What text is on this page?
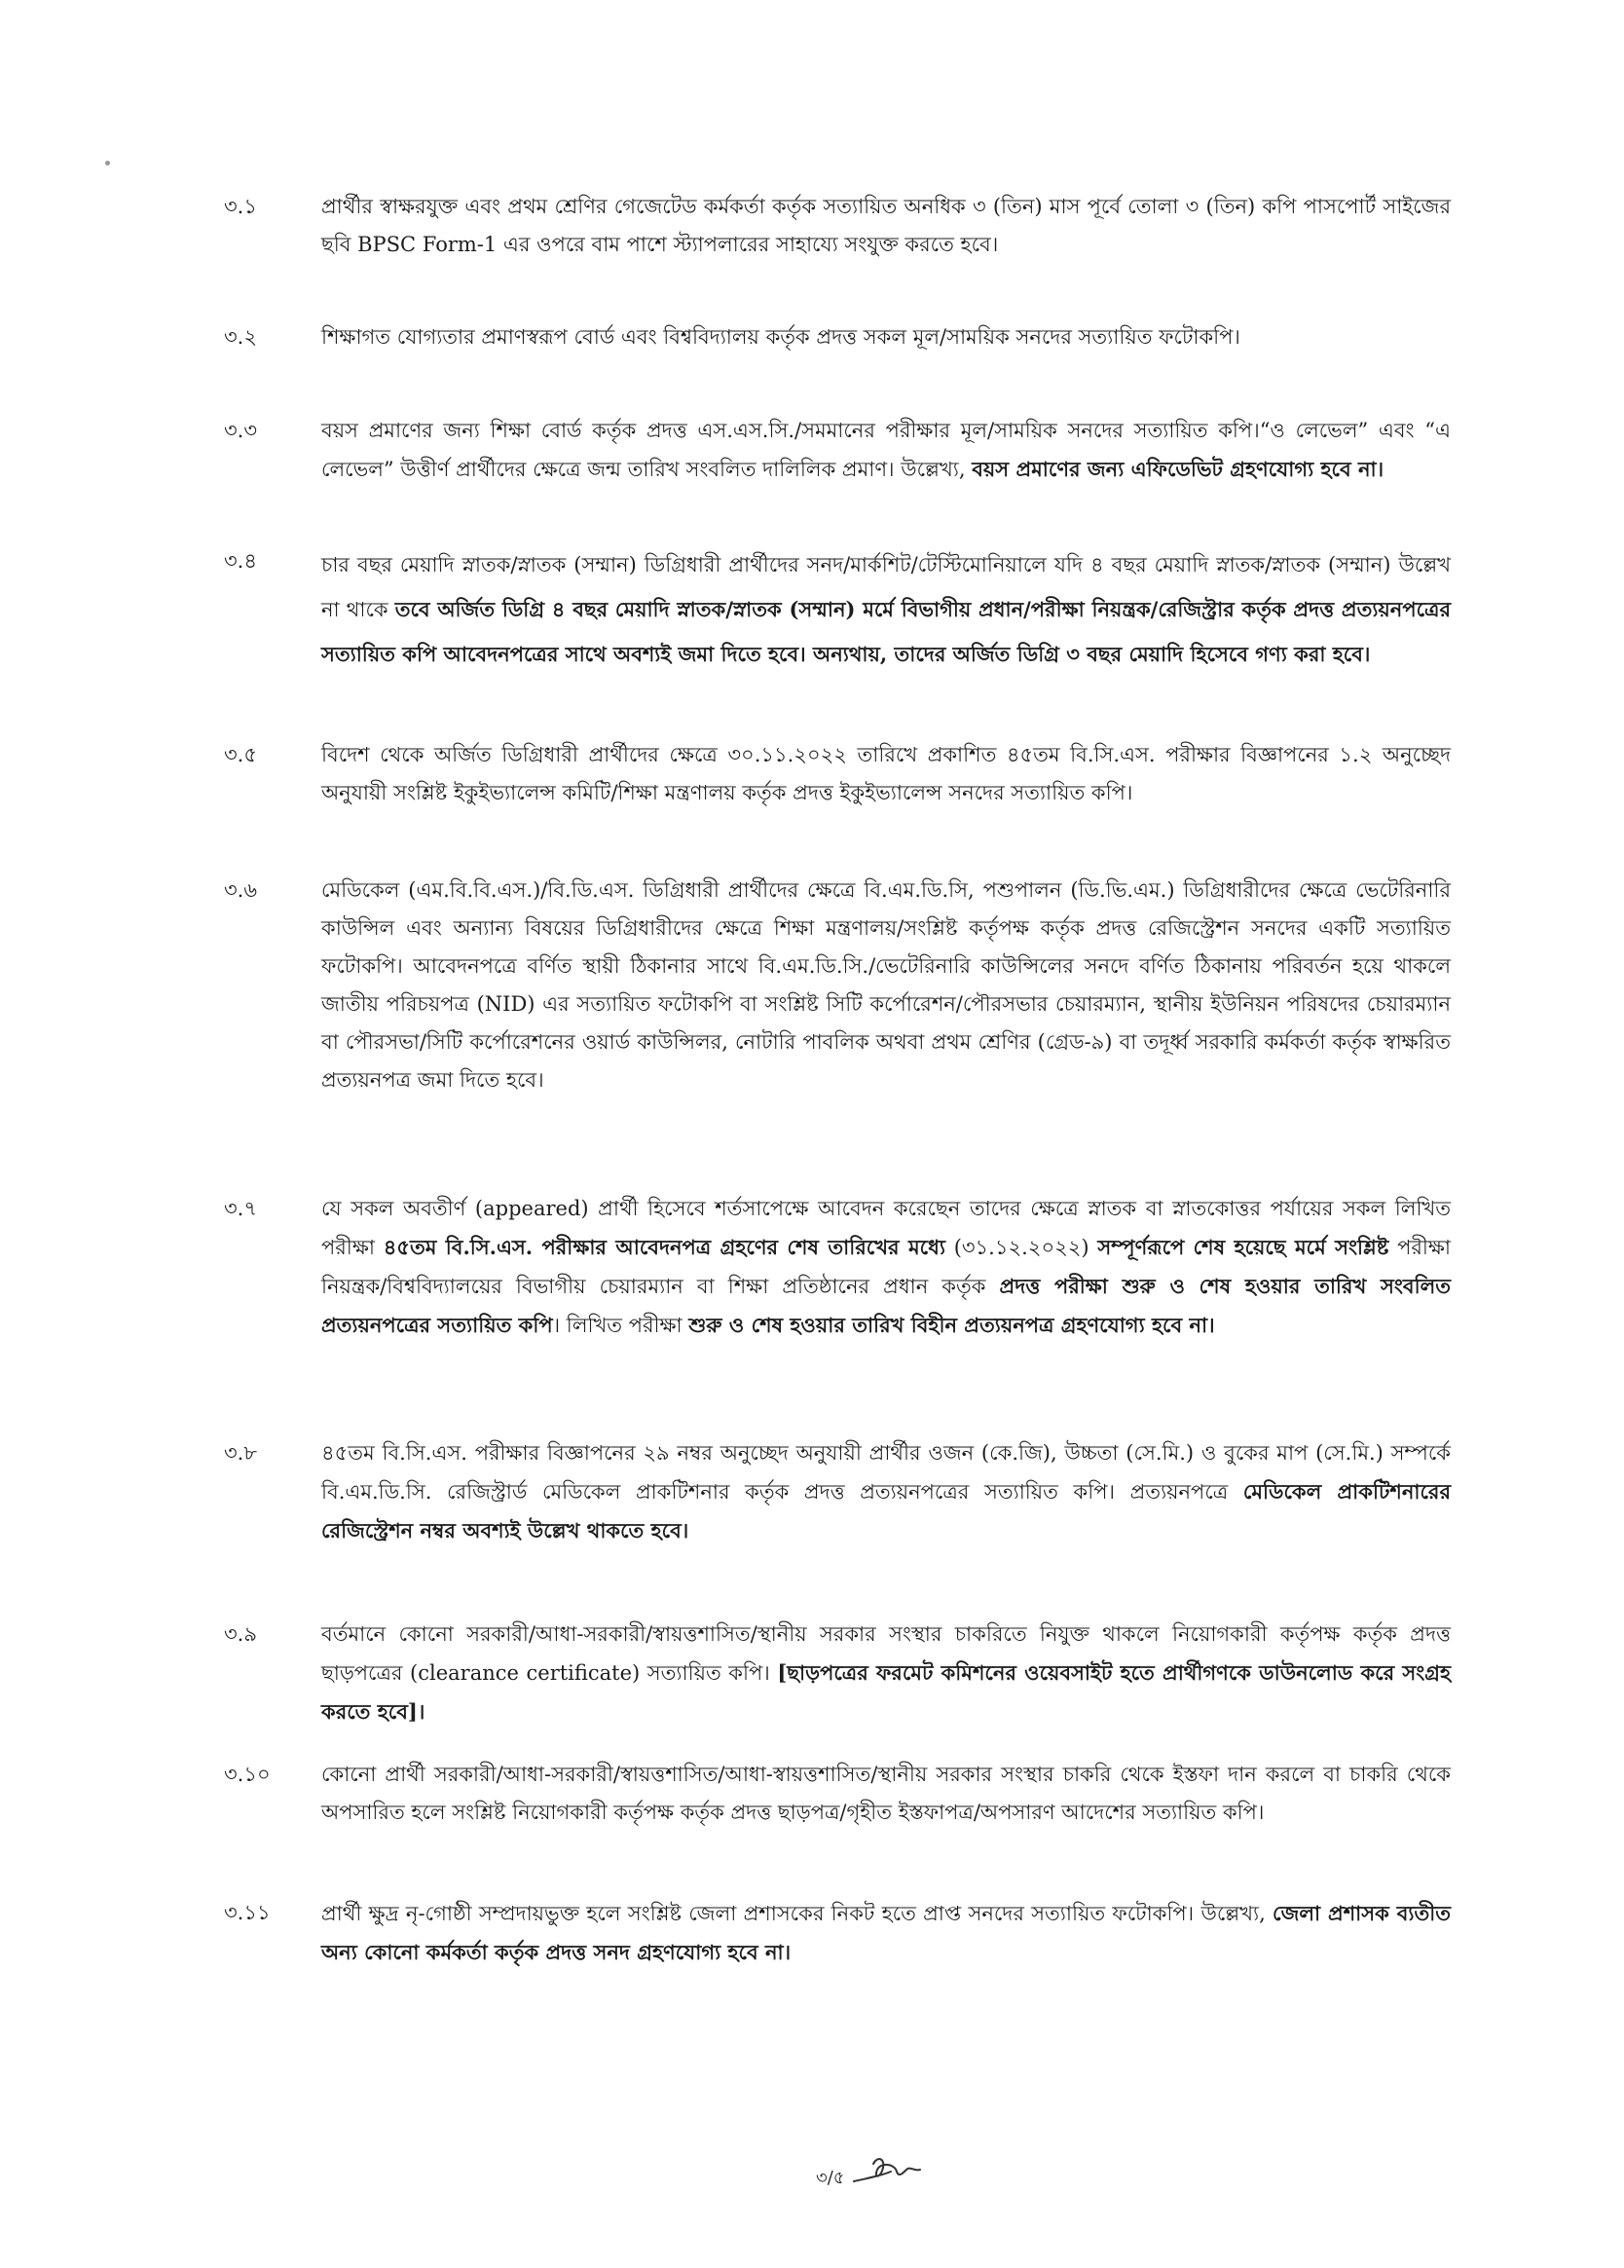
৩.১	প্রার্থীর স্বাক্ষরযুক্ত এবং প্রথম শ্রেণির গেজেটেড কর্মকর্তা কর্তৃক সত্যায়িত অনধিক ৩ (তিন) মাস পূর্বে তোলা ৩ (তিন) কপি পাসপোর্ট সাইজের ছবি BPSC Form-1 এর ওপরে বাম পাশে স্ট্যাপলারের সাহায্যে সংযুক্ত করতে হবে।

৩.২	শিক্ষাগত যোগ্যতার প্রমাণস্বরূপ বোর্ড এবং বিশ্ববিদ্যালয় কর্তৃক প্রদত্ত সকল মূল/সাময়িক সনদের সত্যায়িত ফটোকপি।

৩.৩	বয়স প্রমাণের জন্য শিক্ষা বোর্ড কর্তৃক প্রদত্ত এস.এস.সি./সমমানের পরীক্ষার মূল/সাময়িক সনদের সত্যায়িত কপি।“ও লেভেল” এবং “এ লেভেল” উত্তীর্ণ প্রার্থীদের ক্ষেত্রে জন্ম তারিখ সংবলিত দালিলিক প্রমাণ। উল্লেখ্য, বয়স প্রমাণের জন্য এফিডেভিট গ্রহণযোগ্য হবে না।

৩.৪	চার বছর মেয়াদি স্নাতক/স্নাতক (সম্মান) ডিগ্রিধারী প্রার্থীদের সনদ/মার্কশিট/টেস্টিমোনিয়ালে যদি ৪ বছর মেয়াদি স্নাতক/স্নাতক (সম্মান) উল্লেখ না থাকে তবে অর্জিত ডিগ্রি ৪ বছর মেয়াদি স্নাতক/স্নাতক (সম্মান) মর্মে বিভাগীয় প্রধান/পরীক্ষা নিয়ন্ত্রক/রেজিস্ট্রার কর্তৃক প্রদত্ত প্রত্যয়নপত্রের সত্যায়িত কপি আবেদনপত্রের সাথে অবশ্যই জমা দিতে হবে। অন্যথায়, তাদের অর্জিত ডিগ্রি ৩ বছর মেয়াদি হিসেবে গণ্য করা হবে।

৩.৫	বিদেশ থেকে অর্জিত ডিগ্রিধারী প্রার্থীদের ক্ষেত্রে ৩০.১১.২০২২ তারিখে প্রকাশিত ৪৫তম বি.সি.এস. পরীক্ষার বিজ্ঞাপনের ১.২ অনুচ্ছেদ অনুযায়ী সংশ্লিষ্ট ইকুইভ্যালেন্স কমিটি/শিক্ষা মন্ত্রণালয় কর্তৃক প্রদত্ত ইকুইভ্যালেন্স সনদের সত্যায়িত কপি।

৩.৬	মেডিকেল (এম.বি.বি.এস.)/বি.ডি.এস. ডিগ্রিধারী প্রার্থীদের ক্ষেত্রে বি.এম.ডি.সি, পশুপালন (ডি.ভি.এম.) ডিগ্রিধারীদের ক্ষেত্রে ভেটেরিনারি কাউন্সিল এবং অন্যান্য বিষয়ের ডিগ্রিধারীদের ক্ষেত্রে শিক্ষা মন্ত্রণালয়/সংশ্লিষ্ট কর্তৃপক্ষ কর্তৃক প্রদত্ত রেজিস্ট্রেশন সনদের একটি সত্যায়িত ফটোকপি। আবেদনপত্রে বর্ণিত স্থায়ী ঠিকানার সাথে বি.এম.ডি.সি./ভেটেরিনারি কাউন্সিলের সনদে বর্ণিত ঠিকানায় পরিবর্তন হয়ে থাকলে জাতীয় পরিচয়পত্র (NID) এর সত্যায়িত ফটোকপি বা সংশ্লিষ্ট সিটি কর্পোরেশন/পৌরসভার চেয়ারম্যান, স্থানীয় ইউনিয়ন পরিষদের চেয়ারম্যান বা পৌরসভা/সিটি কর্পোরেশনের ওয়ার্ড কাউন্সিলর, নোটারি পাবলিক অথবা প্রথম শ্রেণির (গ্রেড-৯) বা তদূর্ধ্ব সরকারি কর্মকর্তা কর্তৃক স্বাক্ষরিত প্রত্যয়নপত্র জমা দিতে হবে।

৩.৭	যে সকল অবতীর্ণ (appeared) প্রার্থী হিসেবে শর্তসাপেক্ষে আবেদন করেছেন তাদের ক্ষেত্রে স্নাতক বা স্নাতকোত্তর পর্যায়ের সকল লিখিত পরীক্ষা ৪৫তম বি.সি.এস. পরীক্ষার আবেদনপত্র গ্রহণের শেষ তারিখের মধ্যে (৩১.১২.২০২২) সম্পূর্ণরূপে শেষ হয়েছে মর্মে সংশ্লিষ্ট পরীক্ষা নিয়ন্ত্রক/বিশ্ববিদ্যালয়ের বিভাগীয় চেয়ারম্যান বা শিক্ষা প্রতিষ্ঠানের প্রধান কর্তৃক প্রদত্ত পরীক্ষা শুরু ও শেষ হওয়ার তারিখ সংবলিত প্রত্যয়নপত্রের সত্যায়িত কপি। লিখিত পরীক্ষা শুরু ও শেষ হওয়ার তারিখ বিহীন প্রত্যয়নপত্র গ্রহণযোগ্য হবে না।

৩.৮	৪৫তম বি.সি.এস. পরীক্ষার বিজ্ঞাপনের ২৯ নম্বর অনুচ্ছেদ অনুযায়ী প্রার্থীর ওজন (কে.জি), উচ্চতা (সে.মি.) ও বুকের মাপ (সে.মি.) সম্পর্কে বি.এম.ডি.সি. রেজিস্ট্রার্ড মেডিকেল প্রাকটিশনার কর্তৃক প্রদত্ত প্রত্যয়নপত্রের সত্যায়িত কপি। প্রত্যয়নপত্রে মেডিকেল প্রাকটিশনারের রেজিস্ট্রেশন নম্বর অবশ্যই উল্লেখ থাকতে হবে।

৩.৯	বর্তমানে কোনো সরকারী/আধা-সরকারী/স্বায়ত্তশাসিত/স্থানীয় সরকার সংস্থার চাকরিতে নিযুক্ত থাকলে নিয়োগকারী কর্তৃপক্ষ কর্তৃক প্রদত্ত ছাড়পত্রের (clearance certificate) সত্যায়িত কপি। [ছাড়পত্রের ফরমেট কমিশনের ওয়েবসাইট হতে প্রার্থীগণকে ডাউনলোড করে সংগ্রহ করতে হবে]।

৩.১০	কোনো প্রার্থী সরকারী/আধা-সরকারী/স্বায়ত্তশাসিত/আধা-স্বায়ত্তশাসিত/স্থানীয় সরকার সংস্থার চাকরি থেকে ইস্তফা দান করলে বা চাকরি থেকে অপসারিত হলে সংশ্লিষ্ট নিয়োগকারী কর্তৃপক্ষ কর্তৃক প্রদত্ত ছাড়পত্র/গৃহীত ইস্তফাপত্র/অপসারণ আদেশের সত্যায়িত কপি।

৩.১১	প্রার্থী ক্ষুদ্র নৃ-গোষ্ঠী সম্প্রদায়ভুক্ত হলে সংশ্লিষ্ট জেলা প্রশাসকের নিকট হতে প্রাপ্ত সনদের সত্যায়িত ফটোকপি। উল্লেখ্য, জেলা প্রশাসক ব্যতীত অন্য কোনো কর্মকর্তা কর্তৃক প্রদত্ত সনদ গ্রহণযোগ্য হবে না।

৩/৫
